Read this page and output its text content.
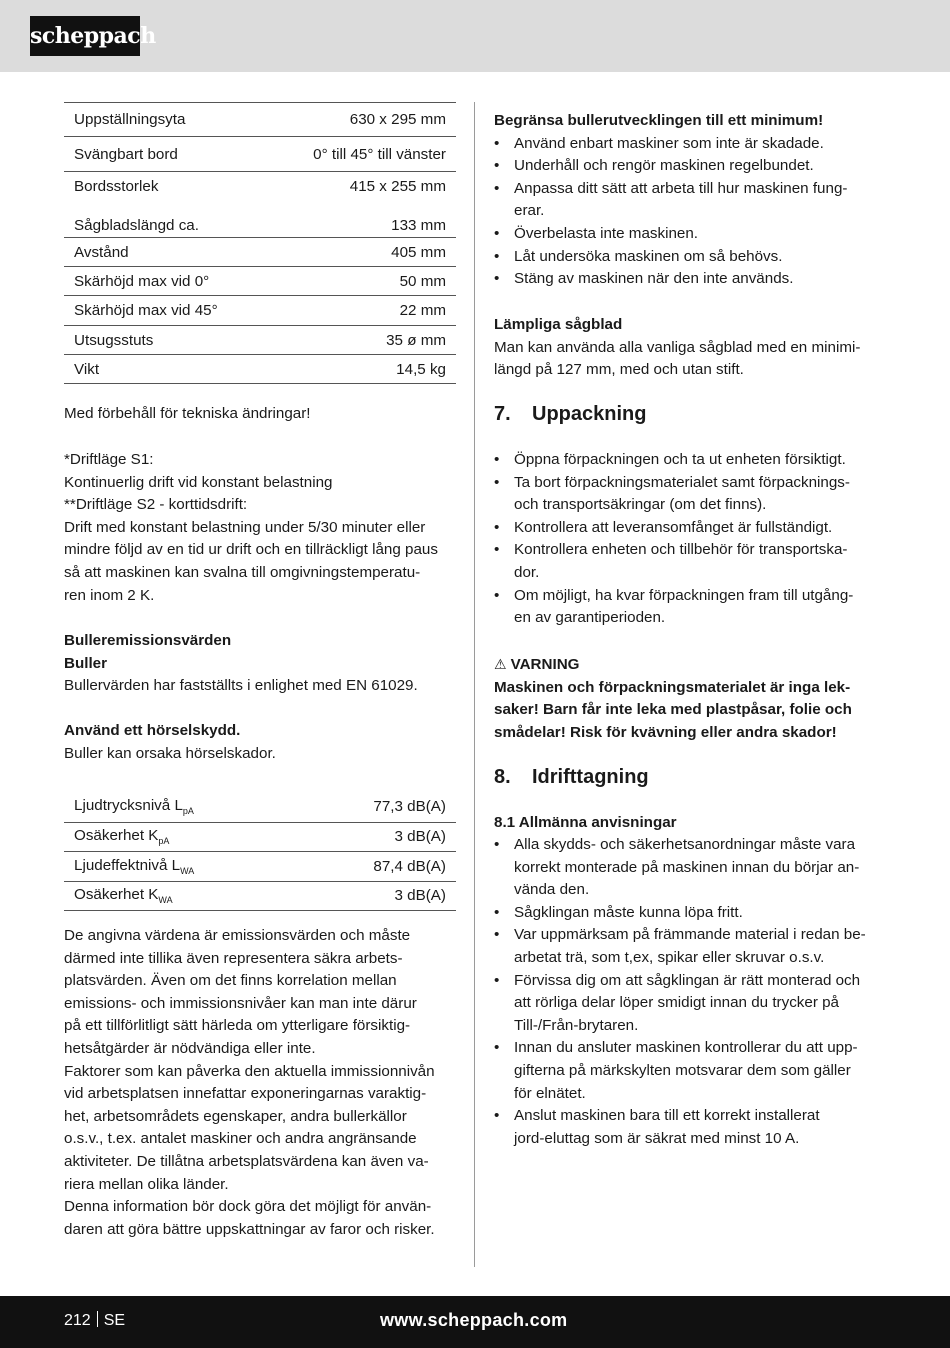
scheppach
Uppställningsyta	630 x 295 mm
Svängbart bord	0° till 45° till vänster
Bordsstorlek	415 x 255 mm
Sågbladslängd ca.	133 mm
Avstånd	405 mm
Skärhöjd max vid 0°	50 mm
Skärhöjd max vid 45°	22 mm
Utsugsstuts	35 ø mm
Vikt	14,5 kg

Med förbehåll för tekniska ändringar!

*Driftläge S1:

Kontinuerlig drift vid konstant belastning

**Driftläge S2 - korttidsdrift:

Drift med konstant belastning under 5/30 minuter eller

mindre följd av en tid ur drift och en tillräckligt lång paus

så att maskinen kan svalna till omgivningstemperatu-

ren inom 2 K.

Bulleremissionsvärden

Buller

Bullervärden har fastställts i enlighet med EN 61029.

Använd ett hörselskydd.

Buller kan orsaka hörselskador.

Ljudtrycksnivå $L_{pA}$	77,3 dB(A)
Osäkerhet $K_{pA}$	3 dB(A)
Ljudeffektnivå $L_{WA}$	87,4 dB(A)
Osäkerhet $K_{WA}$	3 dB(A)

De angivna värdena är emissionsvärden och måste

därmed inte tillika även representera säkra arbets-

platsvärden. Även om det finns korrelation mellan

emissions- och immissionsnivåer kan man inte därur

på ett tillförlitligt sätt härleda om ytterligare försiktig-

hetsåtgärder är nödvändiga eller inte.

Faktorer som kan påverka den aktuella immissionnivån

vid arbetsplatsen innefattar exponeringarnas varaktig-

het, arbetsområdets egenskaper, andra bullerkällor

o.s.v., t.ex. antalet maskiner och andra angränsande

aktiviteter. De tillåtna arbetsplatsvärdena kan även va-

riera mellan olika länder.

Denna information bör dock göra det möjligt för använ-

daren att göra bättre uppskattningar av faror och risker.

Begränsa bullerutvecklingen till ett minimum!

• Använd enbart maskiner som inte är skadade.
• Underhåll och rengör maskinen regelbundet.
• Anpassa ditt sätt att arbeta till hur maskinen fung-
erar.
• Överbelasta inte maskinen.
• Låt undersöka maskinen om så behövs.
• Stäng av maskinen när den inte används.

Lämpliga sågblad

Man kan använda alla vanliga sågblad med en minimi-

längd på 127 mm, med och utan stift.

7. Uppackning
• Öppna förpackningen och ta ut enheten försiktigt.
• Ta bort förpackningsmaterialet samt förpacknings-
och transportsäkringar (om det finns).
• Kontrollera att leveransomfånget är fullständigt.
• Kontrollera enheten och tillbehör för transportska-
dor.
• Om möjligt, ha kvar förpackningen fram till utgång-
en av garantiperioden.

⚠ VARNING

Maskinen och förpackningsmaterialet är inga lek-

saker! Barn får inte leka med plastpåsar, folie och

smådelar! Risk för kvävning eller andra skador!

8. Idrifttagning

8.1 Allmänna anvisningar

• Alla skydds- och säkerhetsanordningar måste vara
korrekt monterade på maskinen innan du börjar an-
vända den.
• Sågklingan måste kunna löpa fritt.
• Var uppmärksam på främmande material i redan be-
arbetat trä, som t,ex, spikar eller skruvar o.s.v.
• Förvissa dig om att sågklingan är rätt monterad och
att rörliga delar löper smidigt innan du trycker på
Till-/Från-brytaren.
• Innan du ansluter maskinen kontrollerar du att upp-
gifterna på märkskylten motsvarar dem som gäller
för elnätet.
• Anslut maskinen bara till ett korrekt installerat
jord-eluttag som är säkrat med minst 10 A.
212 SE	www.scheppach.com
